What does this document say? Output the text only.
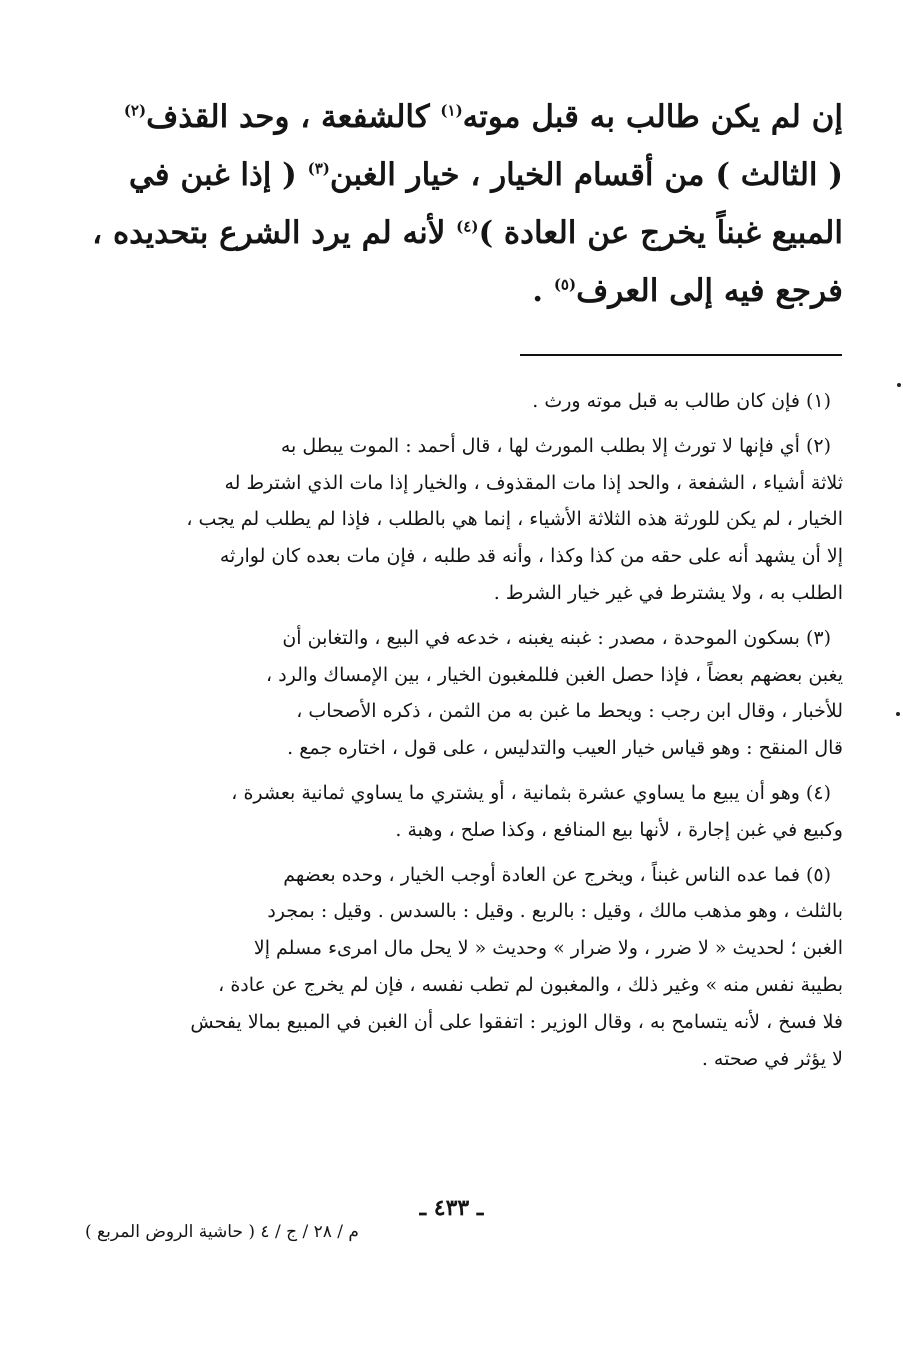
إن لم يكن طالب به قبل موته$^{(١)}$ كالشفعة ، وحد القذف$^{(٢)}$
( الثالث ) من أقسام الخيار ، خيار الغبن$^{(٣)}$ ( إذا غبن في
المبيع غبناً يخرج عن العادة )$^{(٤)}$ لأنه لم يرد الشرع بتحديده ،
فرجع فيه إلى العرف$^{(٥)}$ .
(١) فإن كان طالب به قبل موته ورث .
(٢) أي فإنها لا تورث إلا بطلب المورث لها ، قال أحمد : الموت يبطل به
ثلاثة أشياء ، الشفعة ، والحد إذا مات المقذوف ، والخيار إذا مات الذي اشترط له
الخيار ، لم يكن للورثة هذه الثلاثة الأشياء ، إنما هي بالطلب ، فإذا لم يطلب لم يجب ،
إلا أن يشهد أنه على حقه من كذا وكذا ، وأنه قد طلبه ، فإن مات بعده كان لوارثه
الطلب به ، ولا يشترط في غير خيار الشرط .
(٣) بسكون الموحدة ، مصدر : غبنه يغبنه ، خدعه في البيع ، والتغابن أن
يغبن بعضهم بعضاً ، فإذا حصل الغبن فللمغبون الخيار ، بين الإمساك والرد ،
للأخبار ، وقال ابن رجب : ويحط ما غبن به من الثمن ، ذكره الأصحاب ،
قال المنقح : وهو قياس خيار العيب والتدليس ، على قول ، اختاره جمع .
(٤) وهو أن يبيع ما يساوي عشرة بثمانية ، أو يشتري ما يساوي ثمانية بعشرة ،
وكبيع في غبن إجارة ، لأنها بيع المنافع ، وكذا صلح ، وهبة .
(٥) فما عده الناس غبناً ، ويخرج عن العادة أوجب الخيار ، وحده بعضهم
بالثلث ، وهو مذهب مالك ، وقيل : بالربع . وقيل : بالسدس . وقيل : بمجرد
الغبن ؛ لحديث « لا ضرر ، ولا ضرار » وحديث « لا يحل مال امرىء مسلم إلا
بطيبة نفس منه » وغير ذلك ، والمغبون لم تطب نفسه ، فإن لم يخرج عن عادة ،
فلا فسخ ، لأنه يتسامح به ، وقال الوزير : اتفقوا على أن الغبن في المبيع بمالا يفحش
لا يؤثر في صحته .
ـ ٤٣٣ ـ
م / ٢٨ / ج / ٤ ( حاشية الروض المربع )
